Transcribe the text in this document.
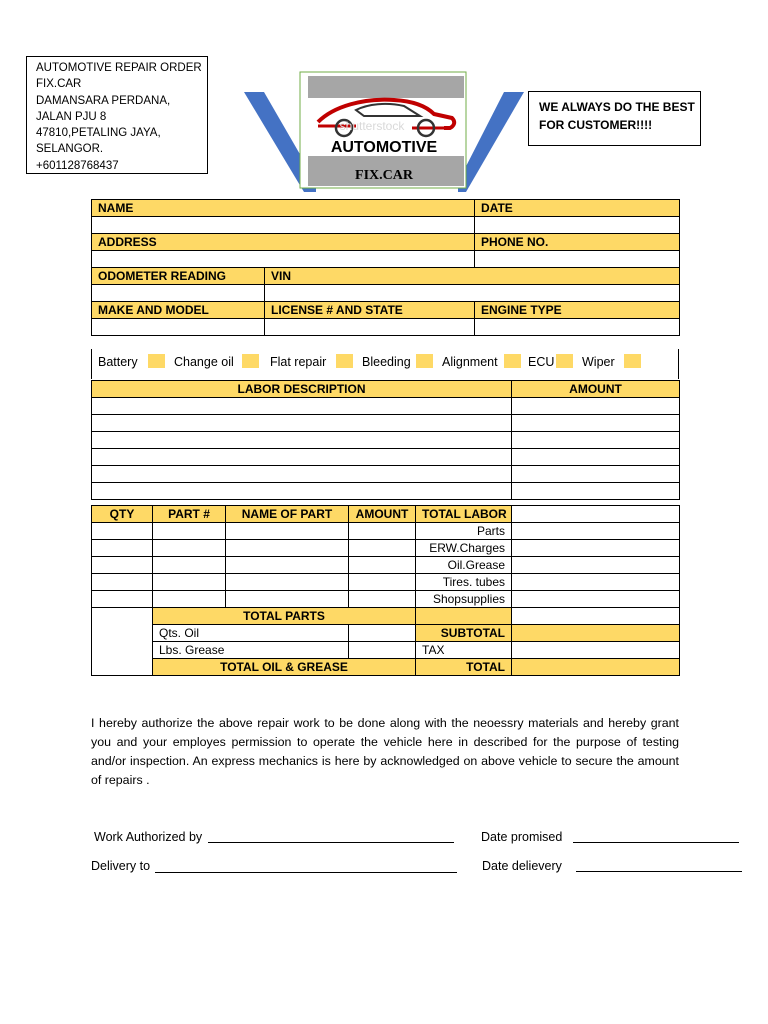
AUTOMOTIVE REPAIR ORDER
FIX.CAR
DAMANSARA PERDANA,
JALAN PJU 8
47810,PETALING JAYA,
SELANGOR.
+601128768437
shutterstock
AUTOMOTIVE
FIX.CAR
WE ALWAYS DO THE BEST
FOR CUSTOMER!!!!
NAME		DATE

ADDRESS		PHONE NO.

ODOMETER READING	VIN	

MAKE AND MODEL	LICENSE # AND STATE	ENGINE TYPE

Battery	Change oil	Flat repair	Bleeding	Alignment ECU Wiper
LABOR DESCRIPTION	AMOUNT

QTY	PART #	NAME OF PART	AMOUNT	TOTAL LABOR		
				Parts		
				ERW.Charges		
				Oil.Grease		
				Tires. tubes		
				Shopsupplies		
	TOTAL PARTS					
	Qts. Oil			SUBTOTAL		
	Lbs. Grease			TAX		
	TOTAL OIL & GREASE			TOTAL		
I hereby authorize the above repair work to be done along with the neoessry materials and hereby grant you and your employes permission to operate the vehicle here in described for the purpose of testing and/or inspection. An express mechanics is here by acknowledged on above vehicle to secure the amount of repairs .
Work Authorized by	Date promised
Delivery to	Date delievery
